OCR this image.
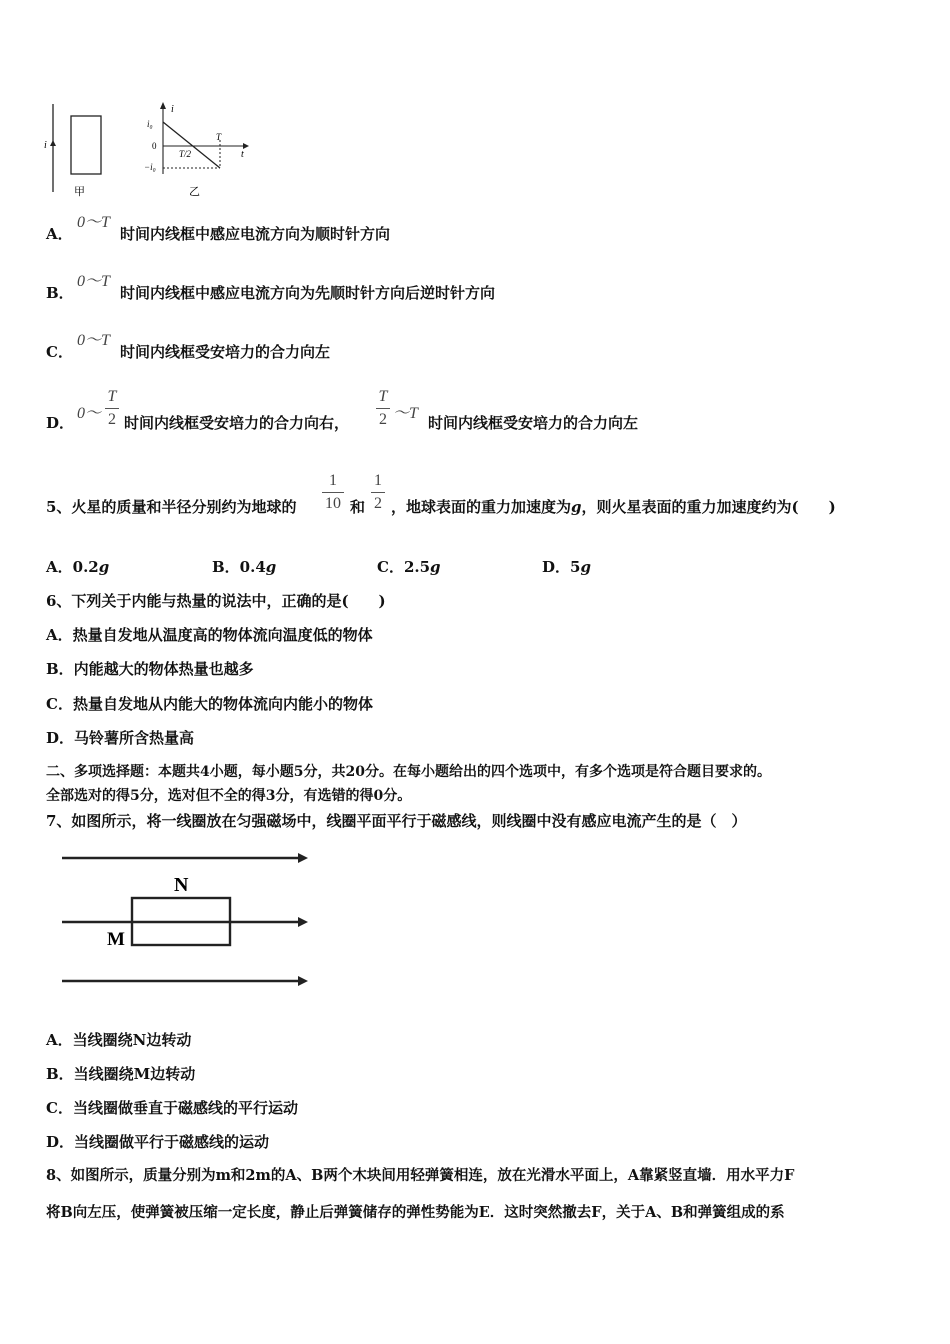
i
甲
i
t
i₀
0
−i₀
T/2
T
乙
A．
0～T
时间内线框中感应电流方向为顺时针方向
B．
0～T
时间内线框中感应电流方向为先顺时针方向后逆时针方向
C．
0～T
时间内线框受安培力的合力向左
D．
0～
T
2 时间内线框受安培力的合力向右，
T
2 ～T
时间内线框受安培力的合力向左
5、火星的质量和半径分别约为地球的
1
10 和
1
2 ，地球表面的重力加速度为g，则火星表面的重力加速度约为(　　)
A．0.2g	B．0.4g	C．2.5g	D．5g
6、下列关于内能与热量的说法中，正确的是(　　)
A．热量自发地从温度高的物体流向温度低的物体
B．内能越大的物体热量也越多
C．热量自发地从内能大的物体流向内能小的物体
D．马铃薯所含热量高
二、多项选择题：本题共4小题，每小题5分，共20分。在每小题给出的四个选项中，有多个选项是符合题目要求的。
全部选对的得5分，选对但不全的得3分，有选错的得0分。
7、如图所示，将一线圈放在匀强磁场中，线圈平面平行于磁感线，则线圈中没有感应电流产生的是（　）
N
M
A．当线圈绕N边转动
B．当线圈绕M边转动
C．当线圈做垂直于磁感线的平行运动
D．当线圈做平行于磁感线的运动
8、如图所示，质量分别为m和2m的A、B两个木块间用轻弹簧相连，放在光滑水平面上，A靠紧竖直墙．用水平力F
将B向左压，使弹簧被压缩一定长度，静止后弹簧储存的弹性势能为E．这时突然撤去F，关于A、B和弹簧组成的系
